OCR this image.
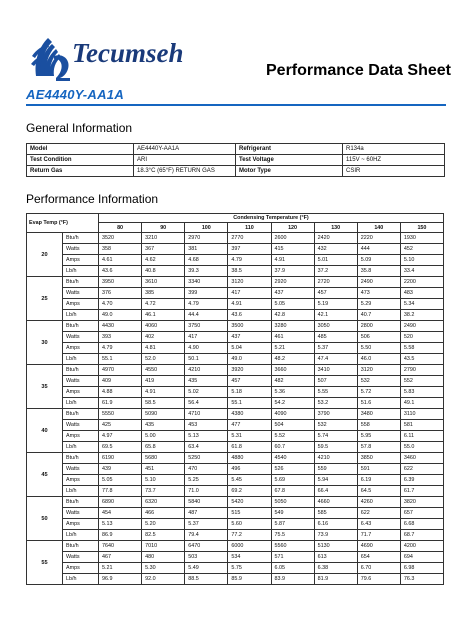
Tecumseh
®	Performance Data Sheet
AE4440Y-AA1A
General Information
Model	AE4440Y-AA1A	Refrigerant	R134a
Test Condition	ARI	Test Voltage	115V ~ 60HZ
Return Gas	18.3°C (65°F) RETURN GAS	Motor Type	CSIR
Performance Information
Evap Temp (°F)		Condensing Temperature (°F)							
		80	90	100	110	120	130	140	150
20	Btu/h	3520	3210	2970	2770	2600	2420	2220	1930
	Watts	358	367	381	397	415	432	444	452
	Amps	4.61	4.62	4.68	4.79	4.91	5.01	5.09	5.10
	Lb/h	43.6	40.8	39.3	38.5	37.9	37.2	35.8	33.4
25	Btu/h	3950	3610	3340	3120	2920	2720	2490	2200
	Watts	376	385	399	417	437	457	473	483
	Amps	4.70	4.72	4.79	4.91	5.05	5.19	5.29	5.34
	Lb/h	49.0	46.1	44.4	43.6	42.8	42.1	40.7	38.2
30	Btu/h	4430	4060	3750	3500	3280	3050	2800	2490
	Watts	393	402	417	437	461	485	506	520
	Amps	4.79	4.81	4.90	5.04	5.21	5.37	5.50	5.58
	Lb/h	55.1	52.0	50.1	49.0	48.2	47.4	46.0	43.5
35	Btu/h	4970	4550	4210	3920	3660	3410	3120	2790
	Watts	409	419	435	457	482	507	532	552
	Amps	4.88	4.91	5.02	5.18	5.36	5.55	5.72	5.83
	Lb/h	61.9	58.5	56.4	55.1	54.2	53.2	51.6	49.1
40	Btu/h	5550	5090	4710	4380	4090	3790	3480	3110
	Watts	425	435	453	477	504	532	558	581
	Amps	4.97	5.00	5.13	5.31	5.52	5.74	5.95	6.11
	Lb/h	69.5	65.8	63.4	61.8	60.7	59.5	57.8	55.0
45	Btu/h	6190	5680	5250	4880	4540	4210	3850	3460
	Watts	439	451	470	496	526	559	591	622
	Amps	5.05	5.10	5.25	5.45	5.69	5.94	6.19	6.39
	Lb/h	77.8	73.7	71.0	69.2	67.8	66.4	64.5	61.7
50	Btu/h	6890	6320	5840	5420	5050	4660	4260	3820
	Watts	454	466	487	515	549	585	622	657
	Amps	5.13	5.20	5.37	5.60	5.87	6.16	6.43	6.68
	Lb/h	86.9	82.5	79.4	77.2	75.5	73.9	71.7	68.7
55	Btu/h	7640	7010	6470	6000	5560	5130	4690	4200
	Watts	467	480	503	534	571	613	654	694
	Amps	5.21	5.30	5.49	5.75	6.05	6.38	6.70	6.98
	Lb/h	96.9	92.0	88.5	85.9	83.9	81.9	79.6	76.3
